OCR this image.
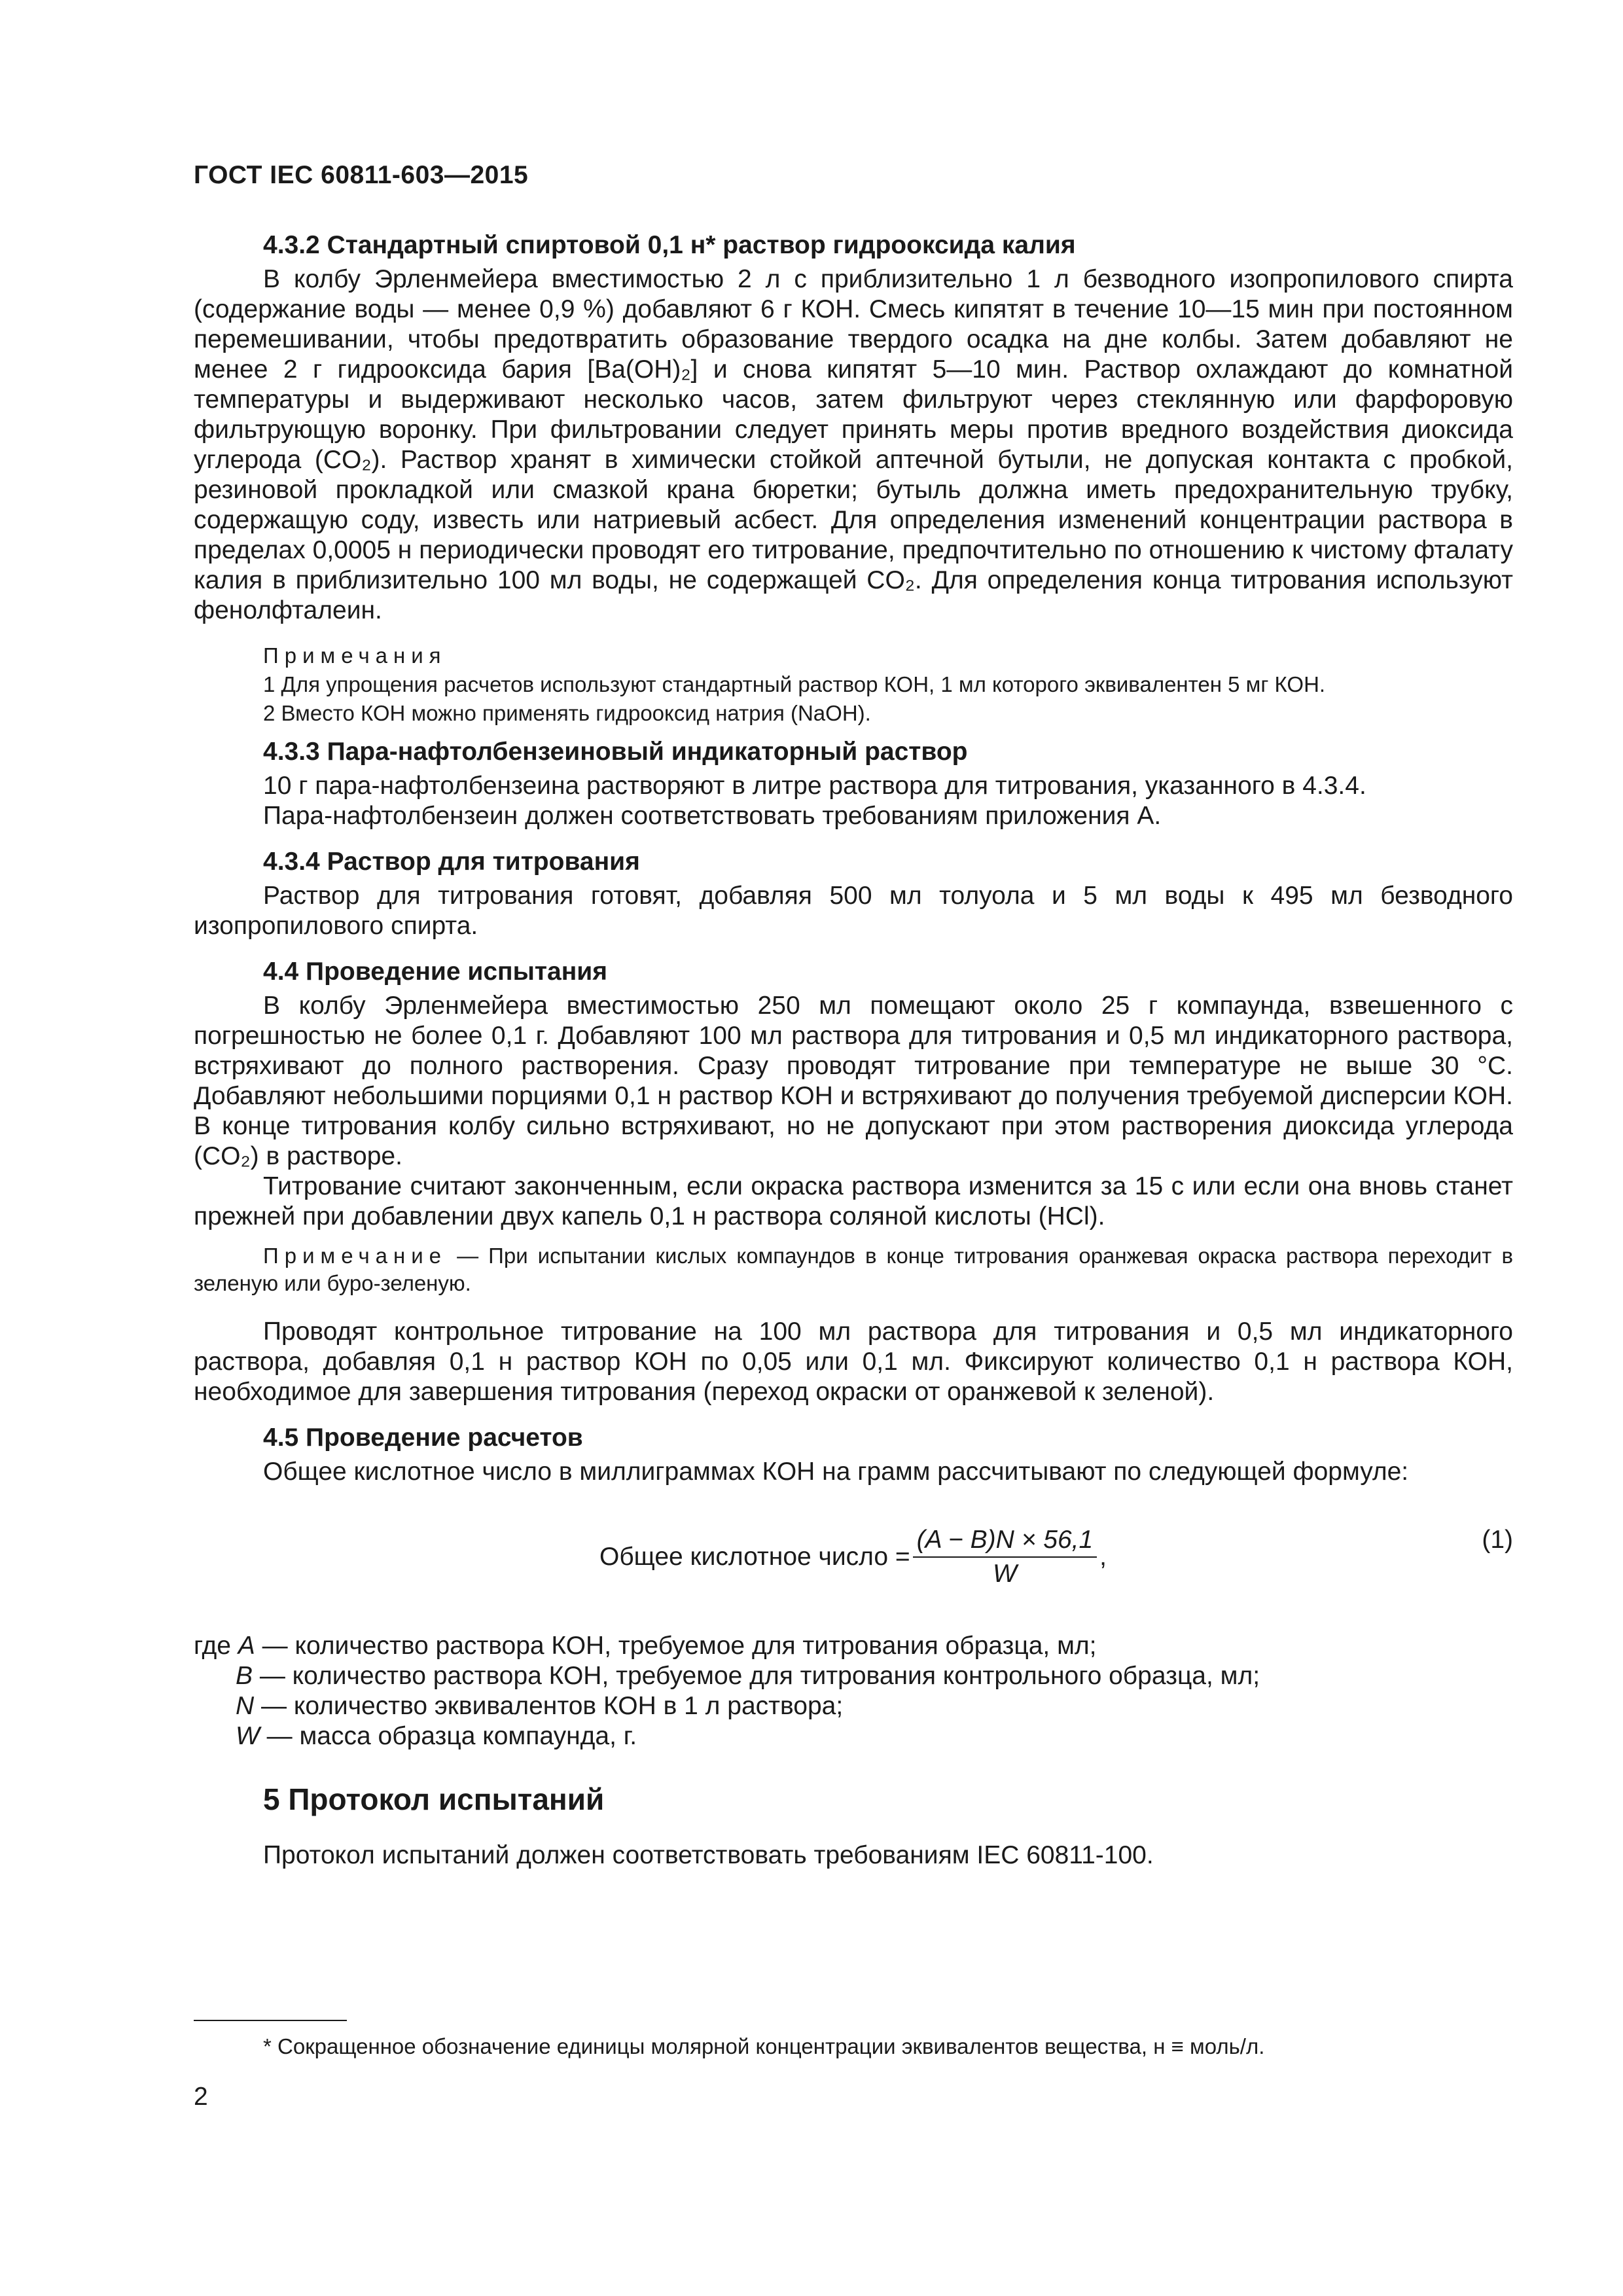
ГОСТ IEC 60811-603—2015
4.3.2 Стандартный спиртовой 0,1 н* раствор гидрооксида калия

В колбу Эрленмейера вместимостью 2 л с приблизительно 1 л безводного изопропилового спирта (содержание воды — менее 0,9 %) добавляют 6 г КОН. Смесь кипятят в течение 10—15 мин при постоянном перемешивании, чтобы предотвратить образование твердого осадка на дне колбы. Затем добавляют не менее 2 г гидрооксида бария [Ba(OH)₂] и снова кипятят 5—10 мин. Раствор охлаждают до комнатной температуры и выдерживают несколько часов, затем фильтруют через стеклянную или фарфоровую фильтрующую воронку. При фильтровании следует принять меры против вредного воздействия диоксида углерода (CO₂). Раствор хранят в химически стойкой аптечной бутыли, не допуская контакта с пробкой, резиновой прокладкой или смазкой крана бюретки; бутыль должна иметь предохранительную трубку, содержащую соду, известь или натриевый асбест. Для определения изменений концентрации раствора в пределах 0,0005 н периодически проводят его титрование, предпочтительно по отношению к чистому фталату калия в приблизительно 100 мл воды, не содержащей CO₂. Для определения конца титрования используют фенолфталеин.

Примечания
1 Для упрощения расчетов используют стандартный раствор КОН, 1 мл которого эквивалентен 5 мг КОН.
2 Вместо КОН можно применять гидрооксид натрия (NaOH).
4.3.3 Пара-нафтолбензеиновый индикаторный раствор

10 г пара-нафтолбензеина растворяют в литре раствора для титрования, указанного в 4.3.4.

Пара-нафтолбензеин должен соответствовать требованиям приложения А.

4.3.4 Раствор для титрования

Раствор для титрования готовят, добавляя 500 мл толуола и 5 мл воды к 495 мл безводного изопропилового спирта.

4.4 Проведение испытания

В колбу Эрленмейера вместимостью 250 мл помещают около 25 г компаунда, взвешенного с погрешностью не более 0,1 г. Добавляют 100 мл раствора для титрования и 0,5 мл индикаторного раствора, встряхивают до полного растворения. Сразу проводят титрование при температуре не выше 30 °С. Добавляют небольшими порциями 0,1 н раствор КОН и встряхивают до получения требуемой дисперсии КОН. В конце титрования колбу сильно встряхивают, но не допускают при этом растворения диоксида углерода (CO₂) в растворе.

Титрование считают законченным, если окраска раствора изменится за 15 с или если она вновь станет прежней при добавлении двух капель 0,1 н раствора соляной кислоты (HCl).

Примечание — При испытании кислых компаундов в конце титрования оранжевая окраска раствора переходит в зеленую или буро-зеленую.

Проводят контрольное титрование на 100 мл раствора для титрования и 0,5 мл индикаторного раствора, добавляя 0,1 н раствор КОН по 0,05 или 0,1 мл. Фиксируют количество 0,1 н раствора КОН, необходимое для завершения титрования (переход окраски от оранжевой к зеленой).

4.5 Проведение расчетов

Общее кислотное число в миллиграммах КОН на грамм рассчитывают по следующей формуле:

Общее кислотное число = $\frac{(A - B)N \times 56,1}{W}$ ,
(1)

где A — количество раствора КОН, требуемое для титрования образца, мл;

B — количество раствора КОН, требуемое для титрования контрольного образца, мл;

N — количество эквивалентов КОН в 1 л раствора;

W — масса образца компаунда, г.

5 Протокол испытаний

Протокол испытаний должен соответствовать требованиям IEC 60811-100.

* Сокращенное обозначение единицы молярной концентрации эквивалентов вещества, н ≡ моль/л.
2
